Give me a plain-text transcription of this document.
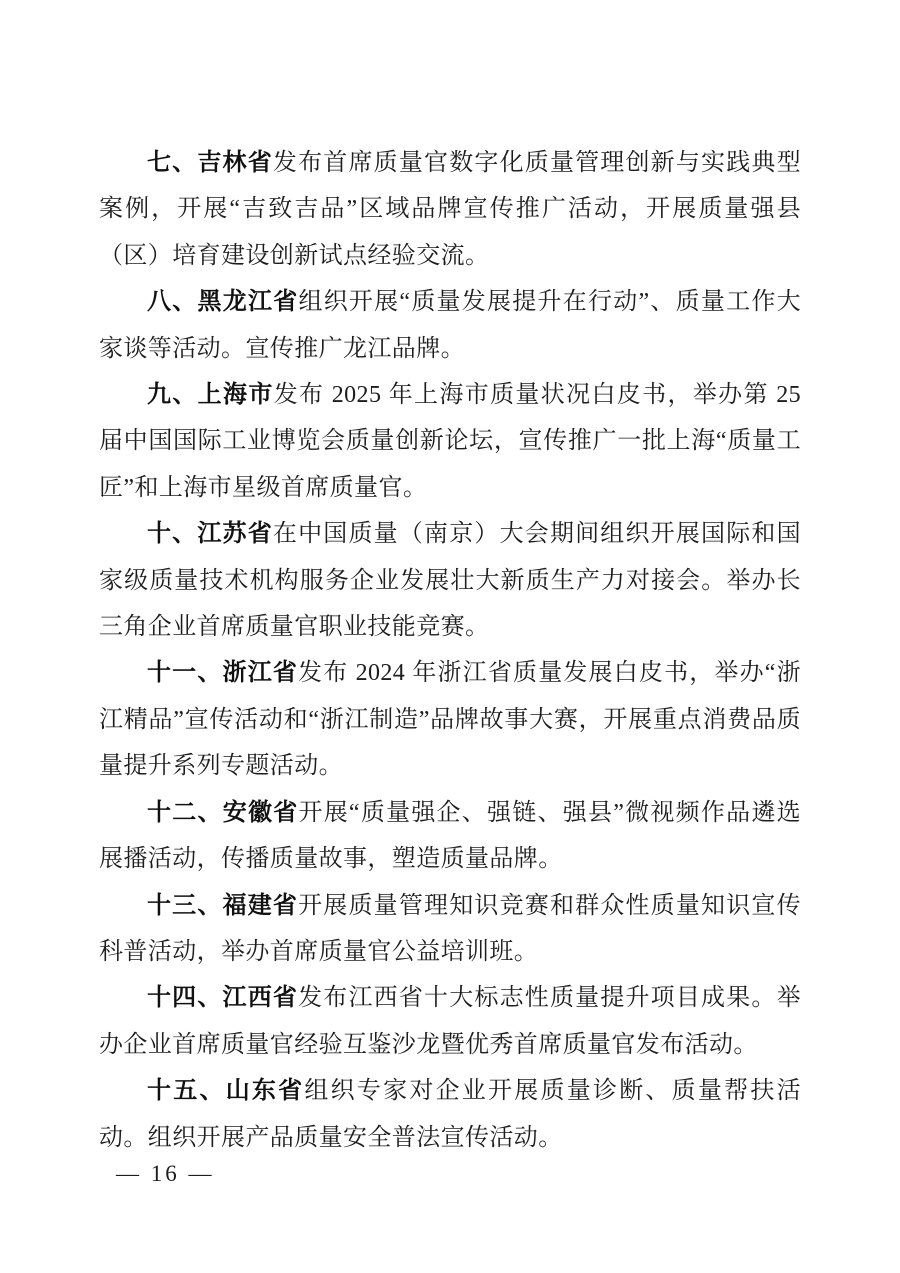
七、吉林省发布首席质量官数字化质量管理创新与实践典型案例，开展“吉致吉品”区域品牌宣传推广活动，开展质量强县（区）培育建设创新试点经验交流。

八、黑龙江省组织开展“质量发展提升在行动”、质量工作大家谈等活动。宣传推广龙江品牌。

九、上海市发布 2025 年上海市质量状况白皮书，举办第 25 届中国国际工业博览会质量创新论坛，宣传推广一批上海“质量工匠”和上海市星级首席质量官。

十、江苏省在中国质量（南京）大会期间组织开展国际和国家级质量技术机构服务企业发展壮大新质生产力对接会。举办长三角企业首席质量官职业技能竞赛。

十一、浙江省发布 2024 年浙江省质量发展白皮书，举办“浙江精品”宣传活动和“浙江制造”品牌故事大赛，开展重点消费品质量提升系列专题活动。

十二、安徽省开展“质量强企、强链、强县”微视频作品遴选展播活动，传播质量故事，塑造质量品牌。

十三、福建省开展质量管理知识竞赛和群众性质量知识宣传科普活动，举办首席质量官公益培训班。

十四、江西省发布江西省十大标志性质量提升项目成果。举办企业首席质量官经验互鉴沙龙暨优秀首席质量官发布活动。

十五、山东省组织专家对企业开展质量诊断、质量帮扶活动。组织开展产品质量安全普法宣传活动。

— 16 —
